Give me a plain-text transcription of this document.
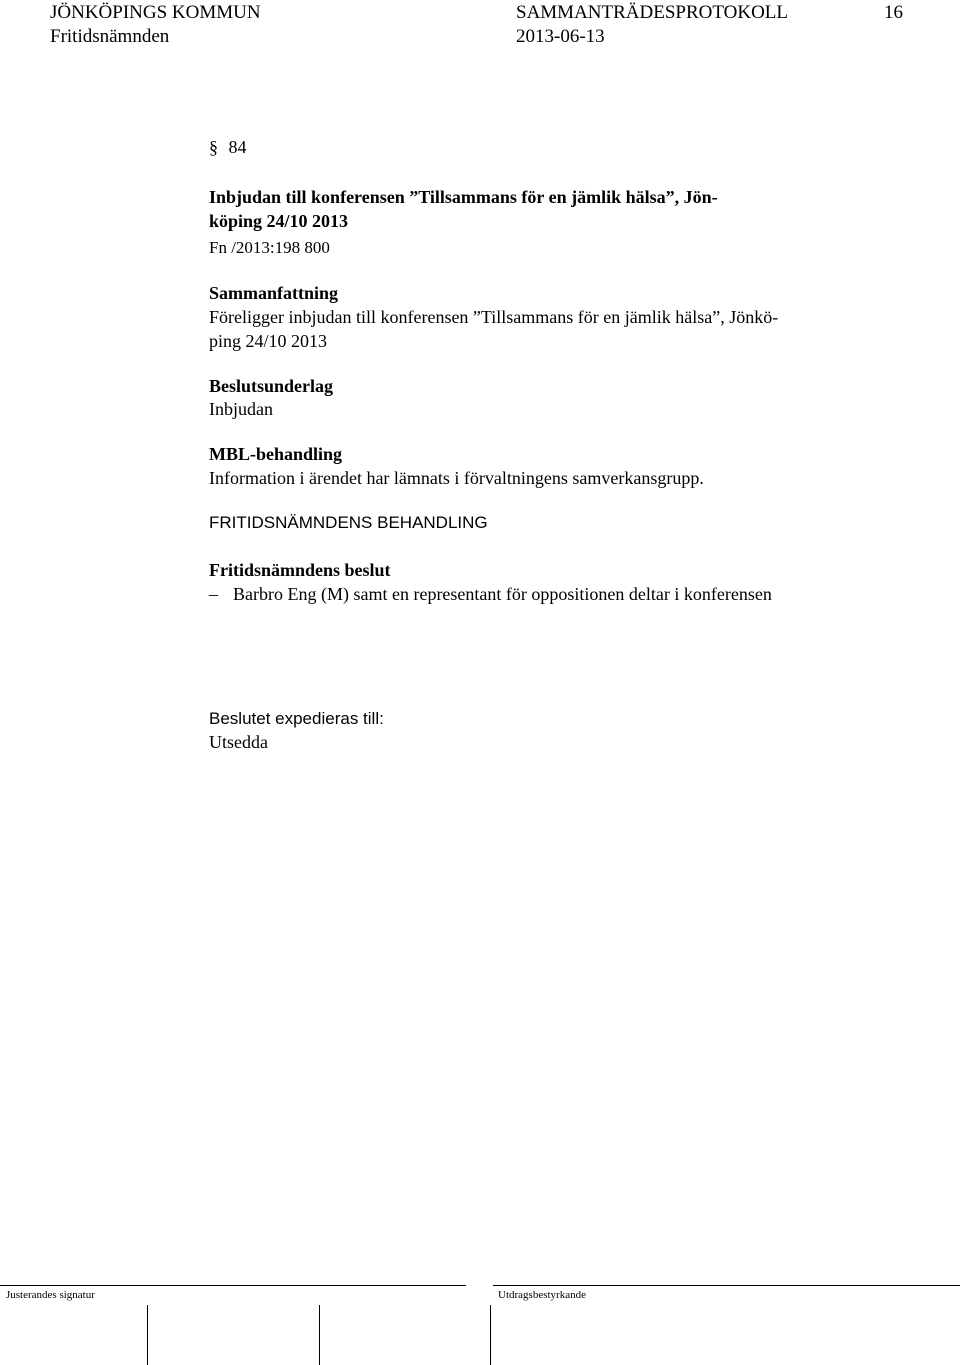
JÖNKÖPINGS KOMMUN
Fritidsnämnden
SAMMANTRÄDESPROTOKOLL
2013-06-13
16
§ 84
Inbjudan till konferensen ”Tillsammans för en jämlik hälsa”, Jön-
köping 24/10 2013
Fn /2013:198 800
Sammanfattning
Föreligger inbjudan till konferensen ”Tillsammans för en jämlik hälsa”, Jönkö-
ping 24/10 2013
Beslutsunderlag
Inbjudan
MBL-behandling
Information i ärendet har lämnats i förvaltningens samverkansgrupp.
FRITIDSNÄMNDENS BEHANDLING
Fritidsnämndens beslut
– Barbro Eng (M) samt en representant för oppositionen deltar i konferensen
Beslutet expedieras till:
Utsedda
Justerandes signatur	Utdragsbestyrkande
